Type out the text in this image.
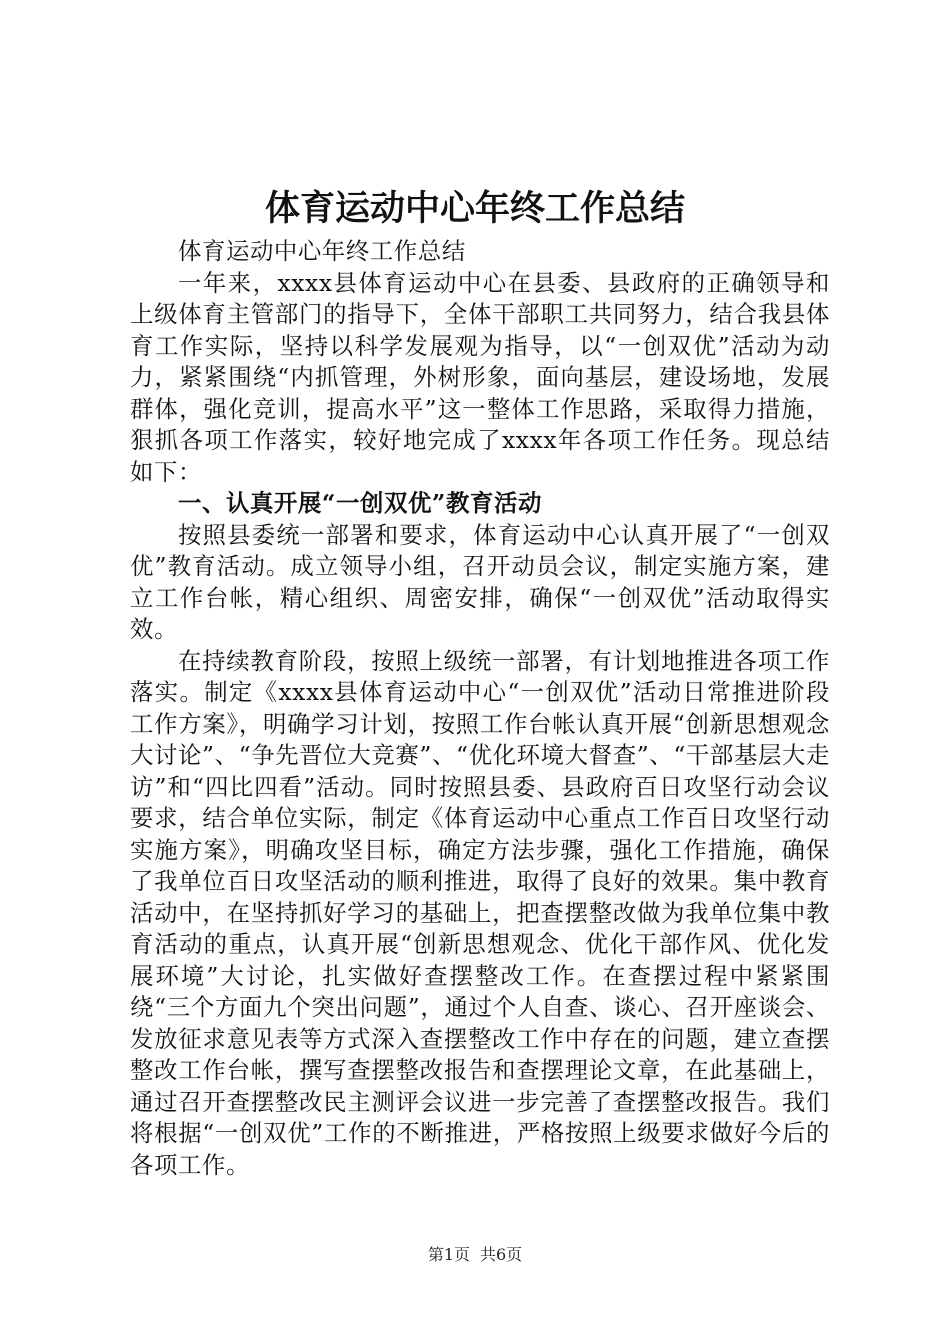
体育运动中心年终工作总结

体育运动中心年终工作总结

一年来，xxxx县体育运动中心在县委、县政府的正确领导和上级体育主管部门的指导下，全体干部职工共同努力，结合我县体育工作实际，坚持以科学发展观为指导，以“一创双优”活动为动力，紧紧围绕“内抓管理，外树形象，面向基层，建设场地，发展群体，强化竞训，提高水平”这一整体工作思路，采取得力措施，狠抓各项工作落实，较好地完成了xxxx年各项工作任务。现总结如下：

一、认真开展“一创双优”教育活动

按照县委统一部署和要求，体育运动中心认真开展了“一创双优”教育活动。成立领导小组，召开动员会议，制定实施方案，建立工作台帐，精心组织、周密安排，确保“一创双优”活动取得实效。

在持续教育阶段，按照上级统一部署，有计划地推进各项工作落实。制定《xxxx县体育运动中心“一创双优”活动日常推进阶段工作方案》，明确学习计划，按照工作台帐认真开展“创新思想观念大讨论”、“争先晋位大竞赛”、“优化环境大督查”、“干部基层大走访”和“四比四看”活动。同时按照县委、县政府百日攻坚行动会议要求，结合单位实际，制定《体育运动中心重点工作百日攻坚行动实施方案》，明确攻坚目标，确定方法步骤，强化工作措施，确保了我单位百日攻坚活动的顺利推进，取得了良好的效果。集中教育活动中，在坚持抓好学习的基础上，把查摆整改做为我单位集中教育活动的重点，认真开展“创新思想观念、优化干部作风、优化发展环境”大讨论，扎实做好查摆整改工作。在查摆过程中紧紧围绕“三个方面九个突出问题”，通过个人自查、谈心、召开座谈会、发放征求意见表等方式深入查摆整改工作中存在的问题，建立查摆整改工作台帐，撰写查摆整改报告和查摆理论文章，在此基础上，通过召开查摆整改民主测评会议进一步完善了查摆整改报告。我们将根据“一创双优”工作的不断推进，严格按照上级要求做好今后的各项工作。

第1页 共6页
